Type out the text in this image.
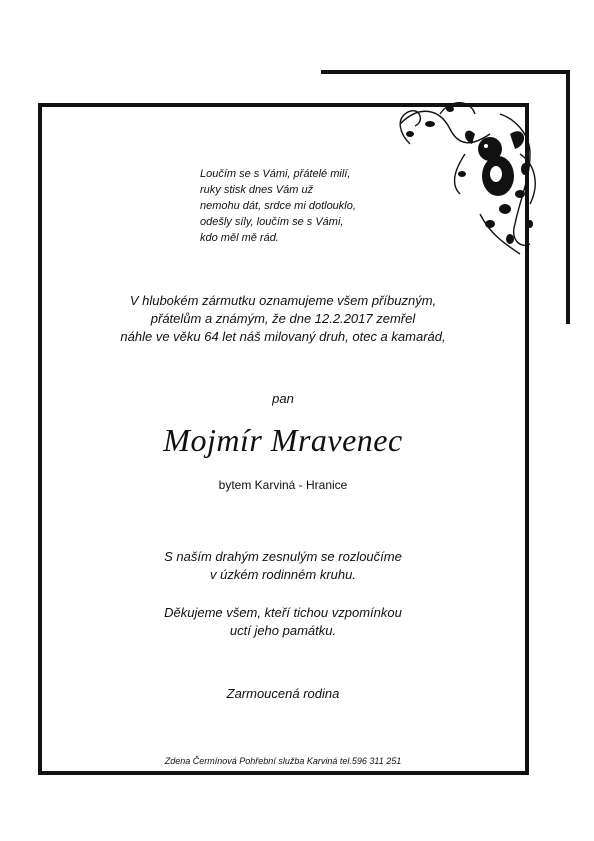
Loučím se s Vámi, přátelé milí,
ruky stisk dnes Vám už
nemohu dát, srdce mi dotlouklo,
odešly síly, loučím se s Vámi,
kdo měl mě rád.
V hlubokém zármutku oznamujeme všem příbuzným,
přátelům a známým, že dne 12.2.2017 zemřel
náhle ve věku 64 let náš milovaný druh, otec a kamarád,
pan
Mojmír Mravenec
bytem Karviná - Hranice
S naším drahým zesnulým se rozloučíme
v úzkém rodinném kruhu.
Děkujeme všem, kteří tichou vzpomínkou
uctí jeho památku.
Zarmoucená rodina
Zdena Čermínová Pohřební služba Karviná tel.596 311 251
